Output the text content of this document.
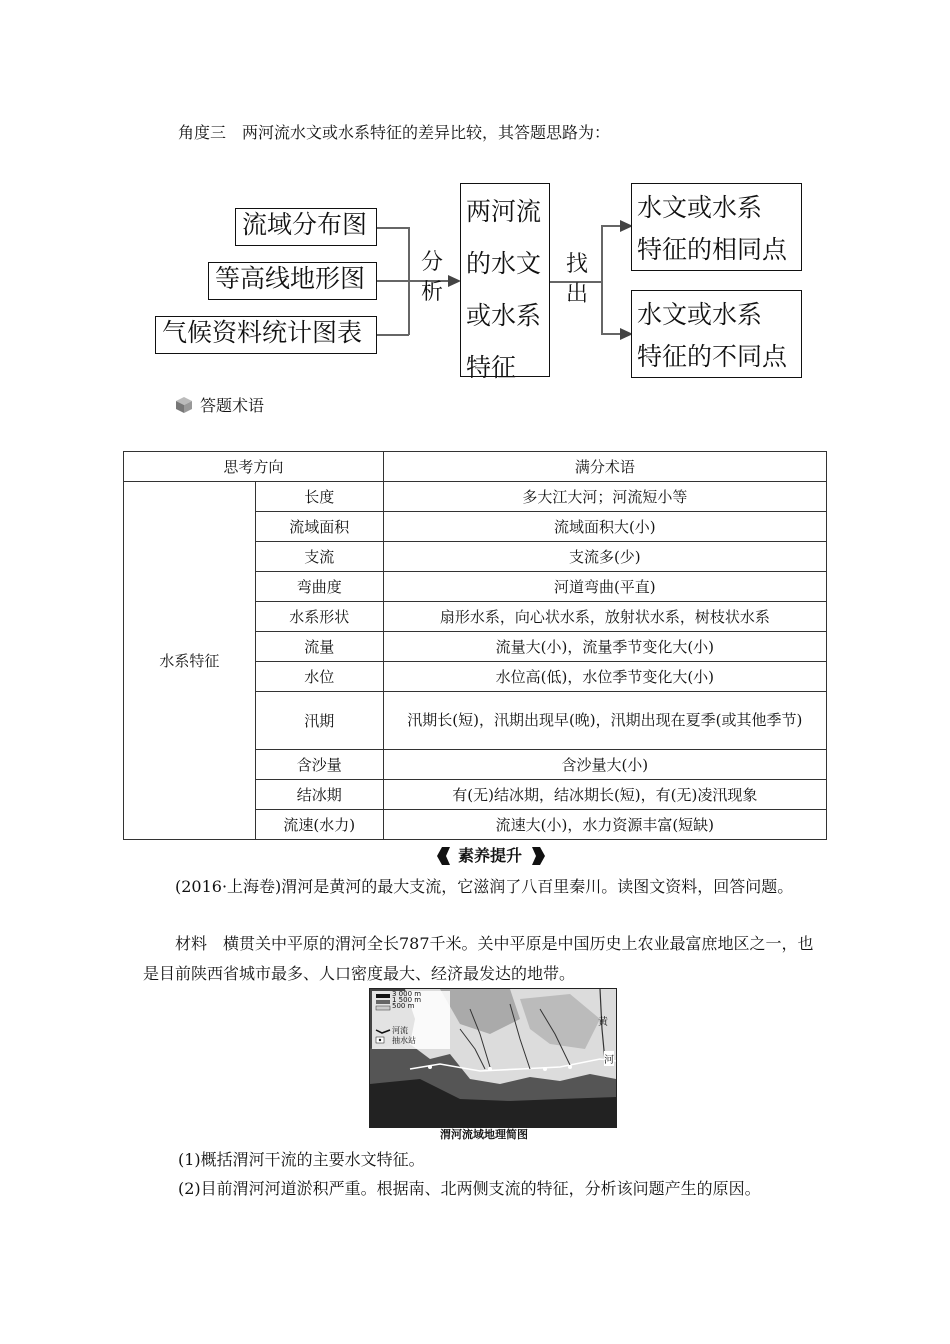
角度三　两河流水文或水系特征的差异比较，其答题思路为：
流域分布图
等高线地形图
气候资料统计图表
分
析
两河流
的水文
或水系
特征
找
出
水文或水系
特征的相同点
水文或水系
特征的不同点
答题术语
思考方向		满分术语
水系特征	长度	多大江大河；河流短小等
	流域面积	流域面积大(小)
	支流	支流多(少)
	弯曲度	河道弯曲(平直)
	水系形状	扇形水系，向心状水系，放射状水系，树枝状水系
	流量	流量大(小)，流量季节变化大(小)
	水位	水位高(低)，水位季节变化大(小)
	汛期	汛期长(短)，汛期出现早(晚)，汛期出现在夏季(或其他季节)
	含沙量	含沙量大(小)
	结冰期	有(无)结冰期，结冰期长(短)，有(无)凌汛现象
	流速(水力)	流速大(小)，水力资源丰富(短缺)
素养提升
(2016·上海卷)渭河是黄河的最大支流，它滋润了八百里秦川。读图文资料，回答问题。
材料　横贯关中平原的渭河全长787千米。关中平原是中国历史上农业最富庶地区之一，也是目前陕西省城市最多、人口密度最大、经济最发达的地带。
3 000 m
1 500 m
500 m
河流
抽水站
黄
河
渭河流域地理简图
(1)概括渭河干流的主要水文特征。
(2)目前渭河河道淤积严重。根据南、北两侧支流的特征，分析该问题产生的原因。
